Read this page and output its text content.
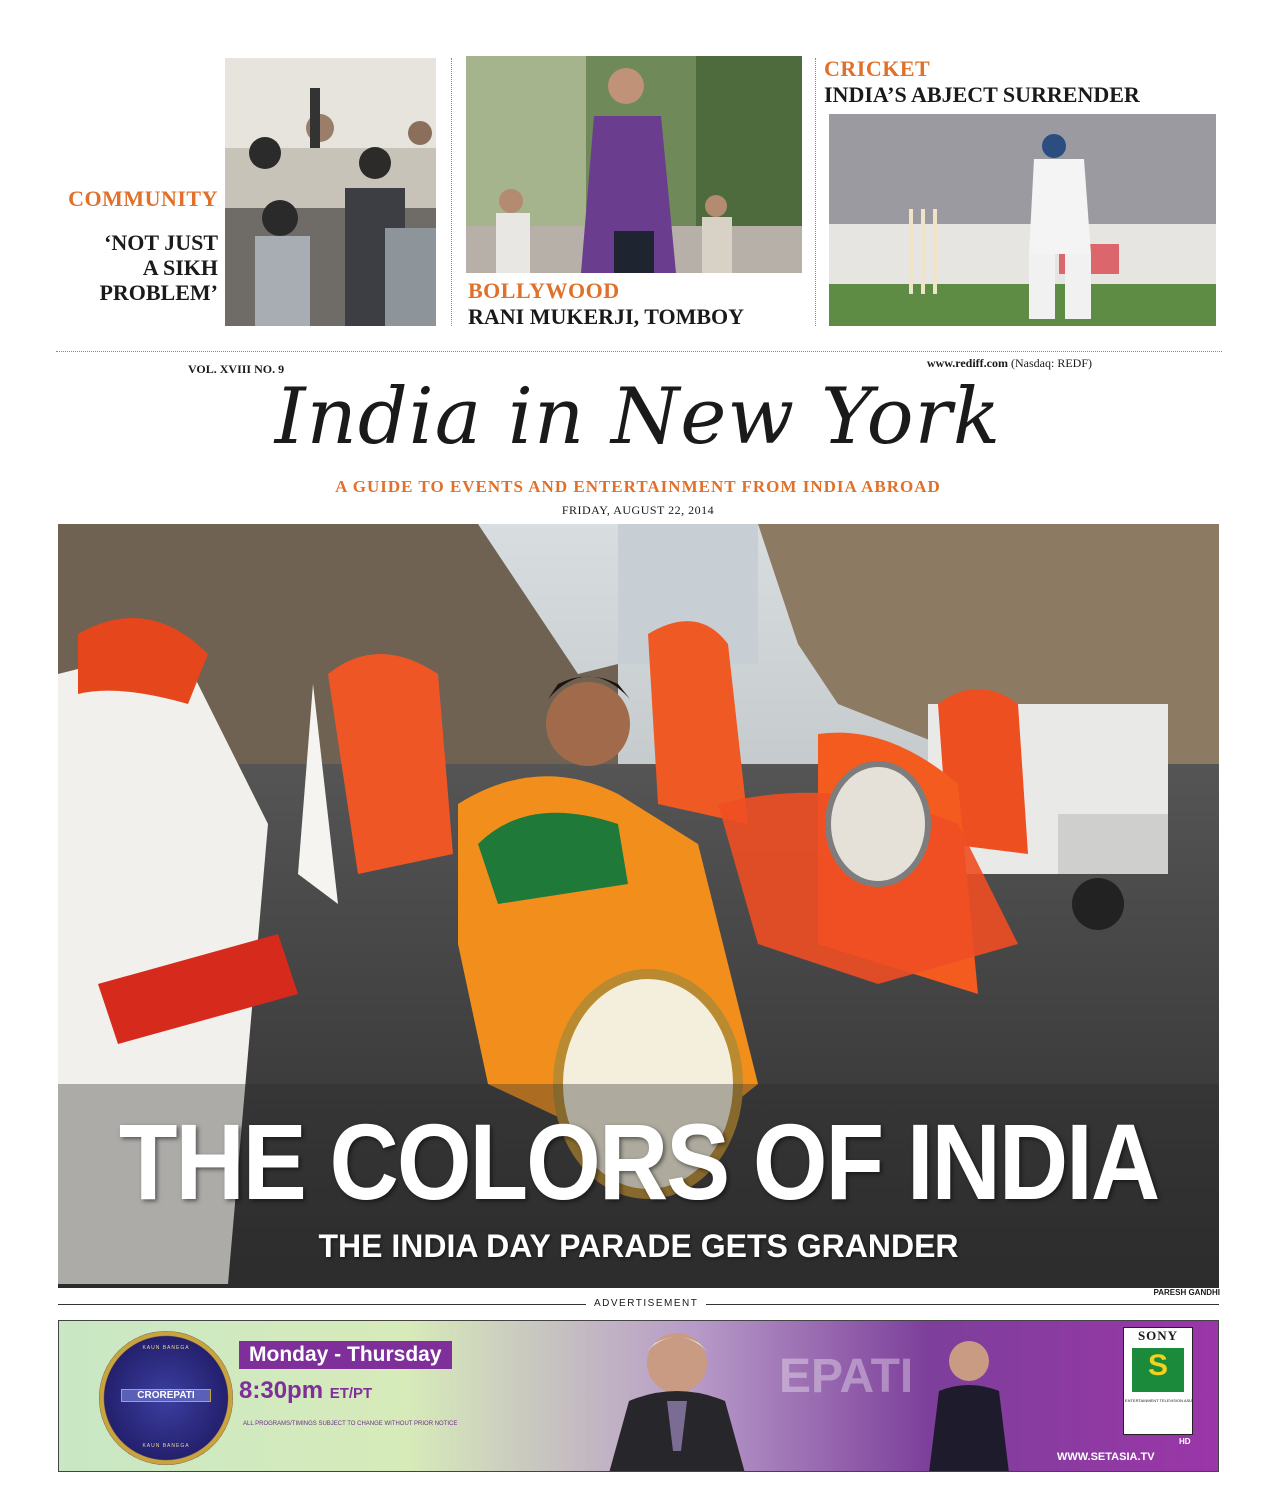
COMMUNITY
‘NOT JUST
A SIKH
PROBLEM’	BOLLYWOOD
RANI MUKERJI, TOMBOY
CRICKET
INDIA’S ABJECT SURRENDER
VOL. XVIII NO. 9	www.rediff.com (Nasdaq: REDF)
India in New York
A GUIDE TO EVENTS AND ENTERTAINMENT FROM INDIA ABROAD
FRIDAY, AUGUST 22, 2014
THE COLORS OF INDIA
THE INDIA DAY PARADE GETS GRANDER
PARESH GANDHI
ADVERTISEMENT
EPATI
KAUN BANEGA
CROREPATI
KAUN BANEGA
Monday - Thursday
8:30pm ET/PT
ALL PROGRAMS/TIMINGS SUBJECT TO CHANGE WITHOUT PRIOR NOTICE
SONY
S
ENTERTAINMENT TELEVISION ASIA
HD
WWW.SETASIA.TV
